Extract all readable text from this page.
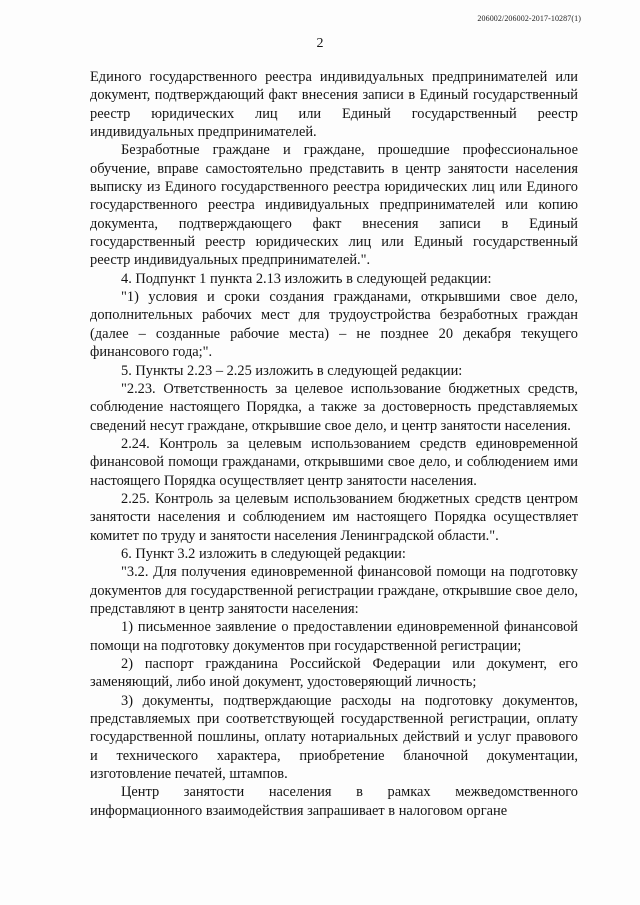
206002/206002-2017-10287(1)
2

Единого государственного реестра индивидуальных предпринимателей или документ, подтверждающий факт внесения записи в Единый государственный реестр юридических лиц или Единый государственный реестр индивидуальных предпринимателей.

Безработные граждане и граждане, прошедшие профессиональное обучение, вправе самостоятельно представить в центр занятости населения выписку из Единого государственного реестра юридических лиц или Единого государственного реестра индивидуальных предпринимателей или копию документа, подтверждающего факт внесения записи в Единый государственный реестр юридических лиц или Единый государственный реестр индивидуальных предпринимателей.".

4. Подпункт 1 пункта 2.13 изложить в следующей редакции:

"1) условия и сроки создания гражданами, открывшими свое дело, дополнительных рабочих мест для трудоустройства безработных граждан (далее – созданные рабочие места) – не позднее 20 декабря текущего финансового года;".

5. Пункты 2.23 – 2.25 изложить в следующей редакции:

"2.23. Ответственность за целевое использование бюджетных средств, соблюдение настоящего Порядка, а также за достоверность представляемых сведений несут граждане, открывшие свое дело, и центр занятости населения.

2.24. Контроль за целевым использованием средств единовременной финансовой помощи гражданами, открывшими свое дело, и соблюдением ими настоящего Порядка осуществляет центр занятости населения.

2.25. Контроль за целевым использованием бюджетных средств центром занятости населения и соблюдением им настоящего Порядка осуществляет комитет по труду и занятости населения Ленинградской области.".

6. Пункт 3.2 изложить в следующей редакции:

"3.2. Для получения единовременной финансовой помощи на подготовку документов для государственной регистрации граждане, открывшие свое дело, представляют в центр занятости населения:

1) письменное заявление о предоставлении единовременной финансовой помощи на подготовку документов при государственной регистрации;

2) паспорт гражданина Российской Федерации или документ, его заменяющий, либо иной документ, удостоверяющий личность;

3) документы, подтверждающие расходы на подготовку документов, представляемых при соответствующей государственной регистрации, оплату государственной пошлины, оплату нотариальных действий и услуг правового и технического характера, приобретение бланочной документации, изготовление печатей, штампов.

Центр занятости населения в рамках межведомственного информационного взаимодействия запрашивает в налоговом органе
